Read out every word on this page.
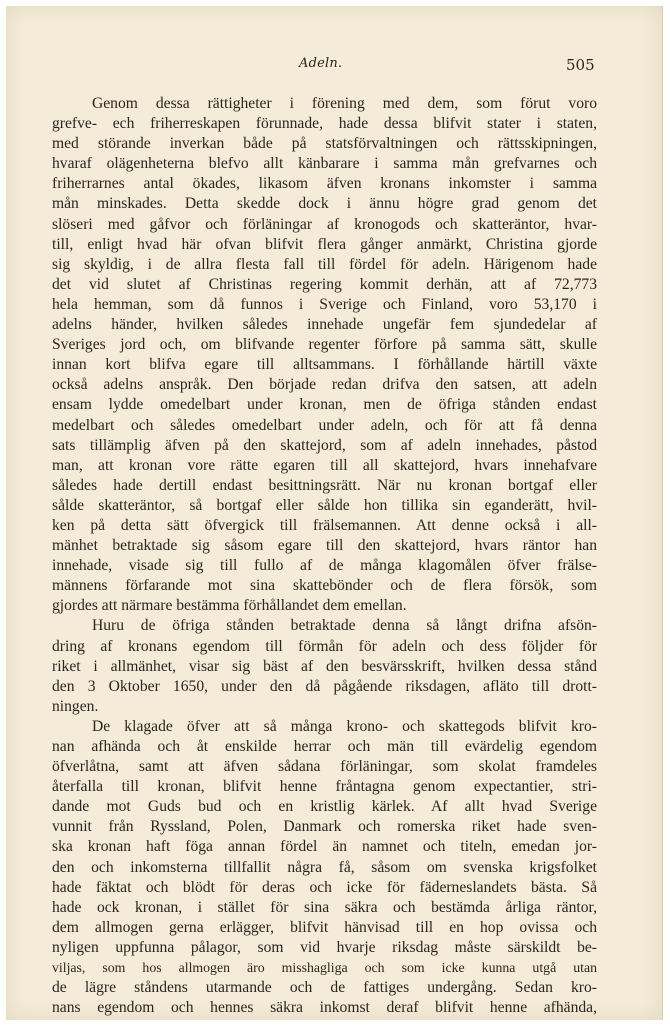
Adeln.	505
Genom dessa rättigheter i förening med dem, som förut voro
grefve- ech friherreskapen förunnade, hade dessa blifvit stater i staten,
med störande inverkan både på statsförvaltningen och rättsskipningen,
hvaraf olägenheterna blefvo allt känbarare i samma mån grefvarnes och
friherrarnes antal ökades, likasom äfven kronans inkomster i samma
mån minskades. Detta skedde dock i ännu högre grad genom det
slöseri med gåfvor och förläningar af kronogods och skatteräntor, hvar-
till, enligt hvad här ofvan blifvit flera gånger anmärkt, Christina gjorde
sig skyldig, i de allra flesta fall till fördel för adeln. Härigenom hade
det vid slutet af Christinas regering kommit derhän, att af 72,773
hela hemman, som då funnos i Sverige och Finland, voro 53,170 i
adelns händer, hvilken således innehade ungefär fem sjundedelar af
Sveriges jord och, om blifvande regenter förfore på samma sätt, skulle
innan kort blifva egare till alltsammans. I förhållande härtill växte
också adelns anspråk. Den började redan drifva den satsen, att adeln
ensam lydde omedelbart under kronan, men de öfriga stånden endast
medelbart och således omedelbart under adeln, och för att få denna
sats tillämplig äfven på den skattejord, som af adeln innehades, påstod
man, att kronan vore rätte egaren till all skattejord, hvars innehafvare
således hade dertill endast besittningsrätt. När nu kronan bortgaf eller
sålde skatteräntor, så bortgaf eller sålde hon tillika sin eganderätt, hvil-
ken på detta sätt öfvergick till frälsemannen. Att denne också i all-
mänhet betraktade sig såsom egare till den skattejord, hvars räntor han
innehade, visade sig till fullo af de många klagomålen öfver frälse-
männens förfarande mot sina skattebönder och de flera försök, som
gjordes att närmare bestämma förhållandet dem emellan.
Huru de öfriga stånden betraktade denna så långt drifna afsön-
dring af kronans egendom till förmån för adeln och dess följder för
riket i allmänhet, visar sig bäst af den besvärsskrift, hvilken dessa stånd
den 3 Oktober 1650, under den då pågående riksdagen, afläto till drott-
ningen.
De klagade öfver att så många krono- och skattegods blifvit kro-
nan afhända och åt enskilde herrar och män till evärdelig egendom
öfverlåtna, samt att äfven sådana förläningar, som skolat framdeles
återfalla till kronan, blifvit henne fråntagna genom expectantier, stri-
dande mot Guds bud och en kristlig kärlek. Af allt hvad Sverige
vunnit från Ryssland, Polen, Danmark och romerska riket hade sven-
ska kronan haft föga annan fördel än namnet och titeln, emedan jor-
den och inkomsterna tillfallit några få, såsom om svenska krigsfolket
hade fäktat och blödt för deras och icke för fäderneslandets bästa. Så
hade ock kronan, i stället för sina säkra och bestämda årliga räntor,
dem allmogen gerna erlägger, blifvit hänvisad till en hop ovissa och
nyligen uppfunna pålagor, som vid hvarje riksdag måste särskildt be-
viljas, som hos allmogen äro misshagliga och som icke kunna utgå utan
de lägre ståndens utarmande och de fattiges undergång. Sedan kro-
nans egendom och hennes säkra inkomst deraf blifvit henne afhända,
